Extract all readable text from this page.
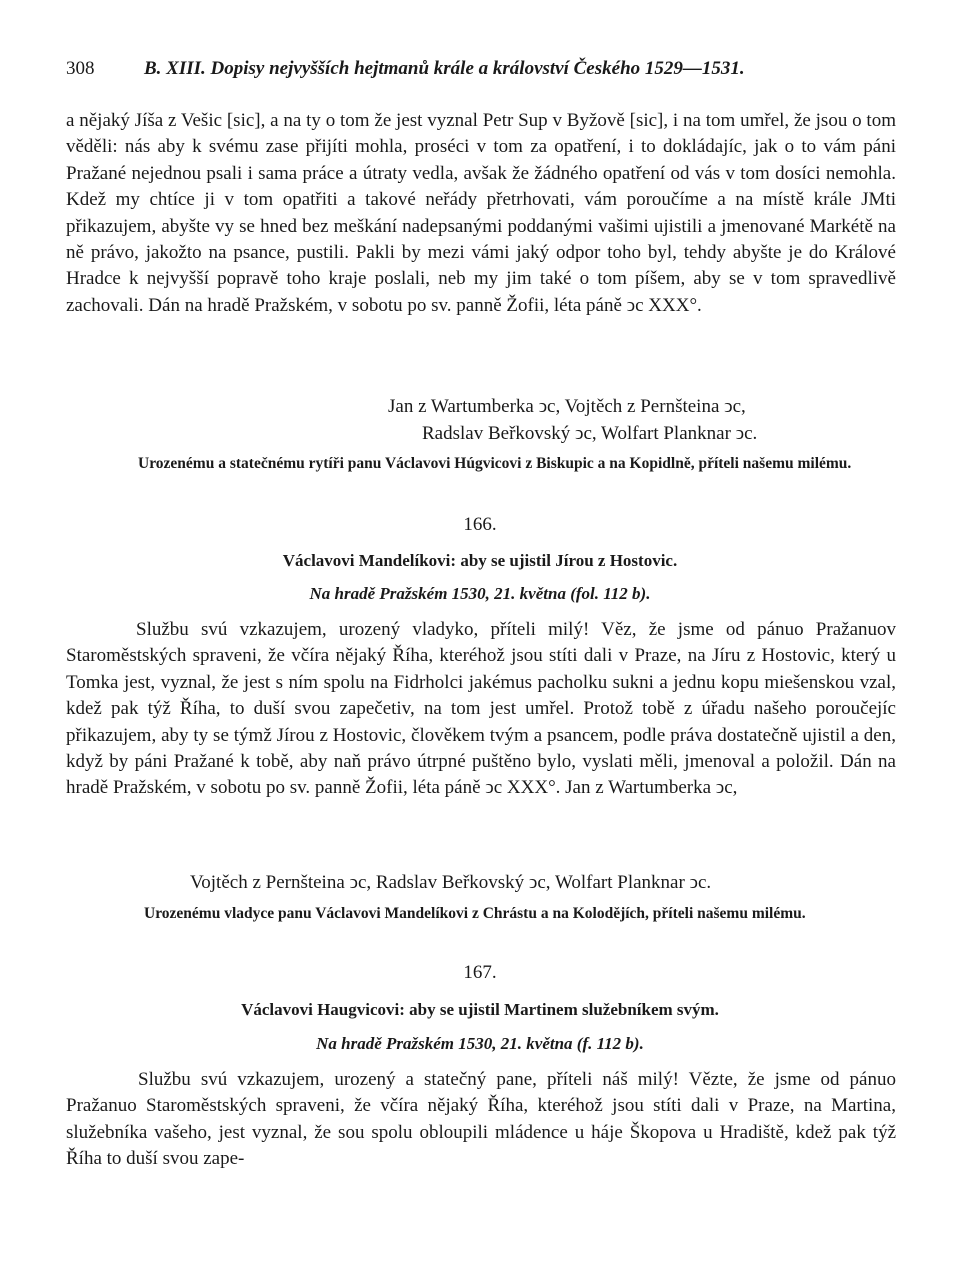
308	B. XIII. Dopisy nejvyšších hejtmanů krále a království Českého 1529—1531.
a nějaký Jíša z Vešic [sic], a na ty o tom že jest vyznal Petr Sup v Byžově [sic], i na tom umřel, že jsou o tom věděli: nás aby k svému zase přijíti mohla, proséci v tom za opatření, i to dokládajíc, jak o to vám páni Pražané nejednou psali i sama práce a útraty vedla, avšak že žádného opatření od vás v tom dosíci nemohla. Kdež my chtíce ji v tom opatřiti a takové neřády přetrhovati, vám poroučíme a na místě krále JMti přikazujem, abyšte vy se hned bez meškání nadepsanými poddanými vašimi ujistili a jmenované Markétě na ně právo, jakožto na psance, pustili. Pakli by mezi vámi jaký odpor toho byl, tehdy abyšte je do Králové Hradce k nejvyšší popravě toho kraje poslali, neb my jim také o tom píšem, aby se v tom spravedlivě zachovali. Dán na hradě Pražském, v sobotu po sv. panně Žofii, léta páně ͻc XXX°.
Jan z Wartumberka ͻc, Vojtěch z Pernšteina ͻc,
Radslav Beřkovský ͻc, Wolfart Planknar ͻc.
Urozenému a statečnému rytíři panu Václavovi Húgvicovi z Biskupic a na Kopidlně, příteli našemu milému.
166.
Václavovi Mandelíkovi: aby se ujistil Jírou z Hostovic.
Na hradě Pražském 1530, 21. května (fol. 112 b).
Službu svú vzkazujem, urozený vladyko, příteli milý! Věz, že jsme od pánuo Pražanuov Staroměstských spraveni, že včíra nějaký Říha, kteréhož jsou stíti dali v Praze, na Jíru z Hostovic, který u Tomka jest, vyznal, že jest s ním spolu na Fidrholci jakémus pacholku sukni a jednu kopu miešenskou vzal, kdež pak týž Říha, to duší svou zapečetiv, na tom jest umřel. Protož tobě z úřadu našeho poroučejíc přikazujem, aby ty se týmž Jírou z Hostovic, člověkem tvým a psancem, podle práva dostatečně ujistil a den, když by páni Pražané k tobě, aby naň právo útrpné puštěno bylo, vyslati měli, jmenoval a položil. Dán na hradě Pražském, v sobotu po sv. panně Žofii, léta páně ͻc XXX°. Jan z Wartumberka ͻc,
Vojtěch z Pernšteina ͻc, Radslav Beřkovský ͻc, Wolfart Planknar ͻc.
Urozenému vladyce panu Václavovi Mandelíkovi z Chrástu a na Kolodějích, příteli našemu milému.
167.
Václavovi Haugvicovi: aby se ujistil Martinem služebníkem svým.
Na hradě Pražském 1530, 21. května (f. 112 b).
Službu svú vzkazujem, urozený a statečný pane, příteli náš milý! Vězte, že jsme od pánuo Pražanuo Staroměstských spraveni, že včíra nějaký Říha, kteréhož jsou stíti dali v Praze, na Martina, služebníka vašeho, jest vyznal, že sou spolu obloupili mládence u háje Škopova u Hradiště, kdež pak týž Říha to duší svou zape-
